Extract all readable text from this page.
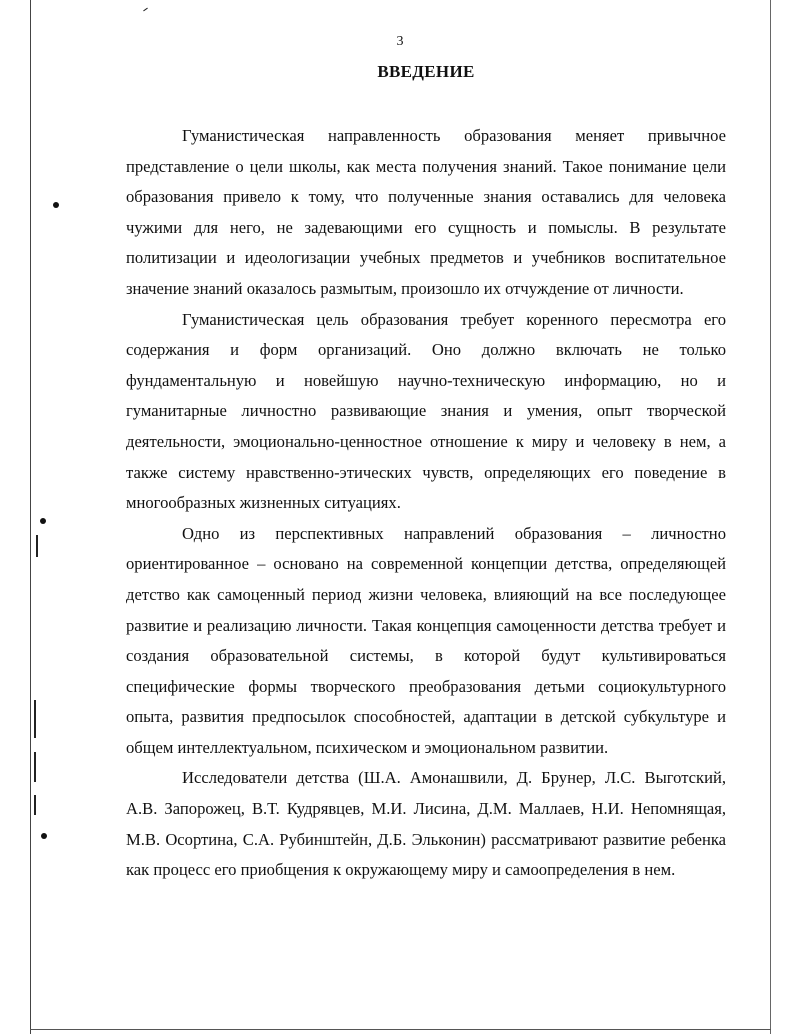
3
ВВЕДЕНИЕ

Гуманистическая направленность образования меняет привычное представление о цели школы, как места получения знаний. Такое понимание цели образования привело к тому, что полученные знания оставались для человека чужими для него, не задевающими его сущность и помыслы. В результате политизации и идеологизации учебных предметов и учебников воспитательное значение знаний оказалось размытым, произошло их отчуждение от личности.

Гуманистическая цель образования требует коренного пересмотра его содержания и форм организаций. Оно должно включать не только фундаментальную и новейшую научно-техническую информацию, но и гуманитарные личностно развивающие знания и умения, опыт творческой деятельности, эмоционально-ценностное отношение к миру и человеку в нем, а также систему нравственно-этических чувств, определяющих его поведение в многообразных жизненных ситуациях.

Одно из перспективных направлений образования – личностно ориентированное – основано на современной концепции детства, определяющей детство как самоценный период жизни человека, влияющий на все последующее развитие и реализацию личности. Такая концепция самоценности детства требует и создания образовательной системы, в которой будут культивироваться специфические формы творческого преобразования детьми социокультурного опыта, развития предпосылок способностей, адаптации в детской субкультуре и общем интеллектуальном, психическом и эмоциональном развитии.

Исследователи детства (Ш.А. Амонашвили, Д. Брунер, Л.С. Выготский, А.В. Запорожец, В.Т. Кудрявцев, М.И. Лисина, Д.М. Маллаев, Н.И. Непомнящая, М.В. Осортина, С.А. Рубинштейн, Д.Б. Эльконин) рассматривают развитие ребенка как процесс его приобщения к окружающему миру и самоопределения в нем.
